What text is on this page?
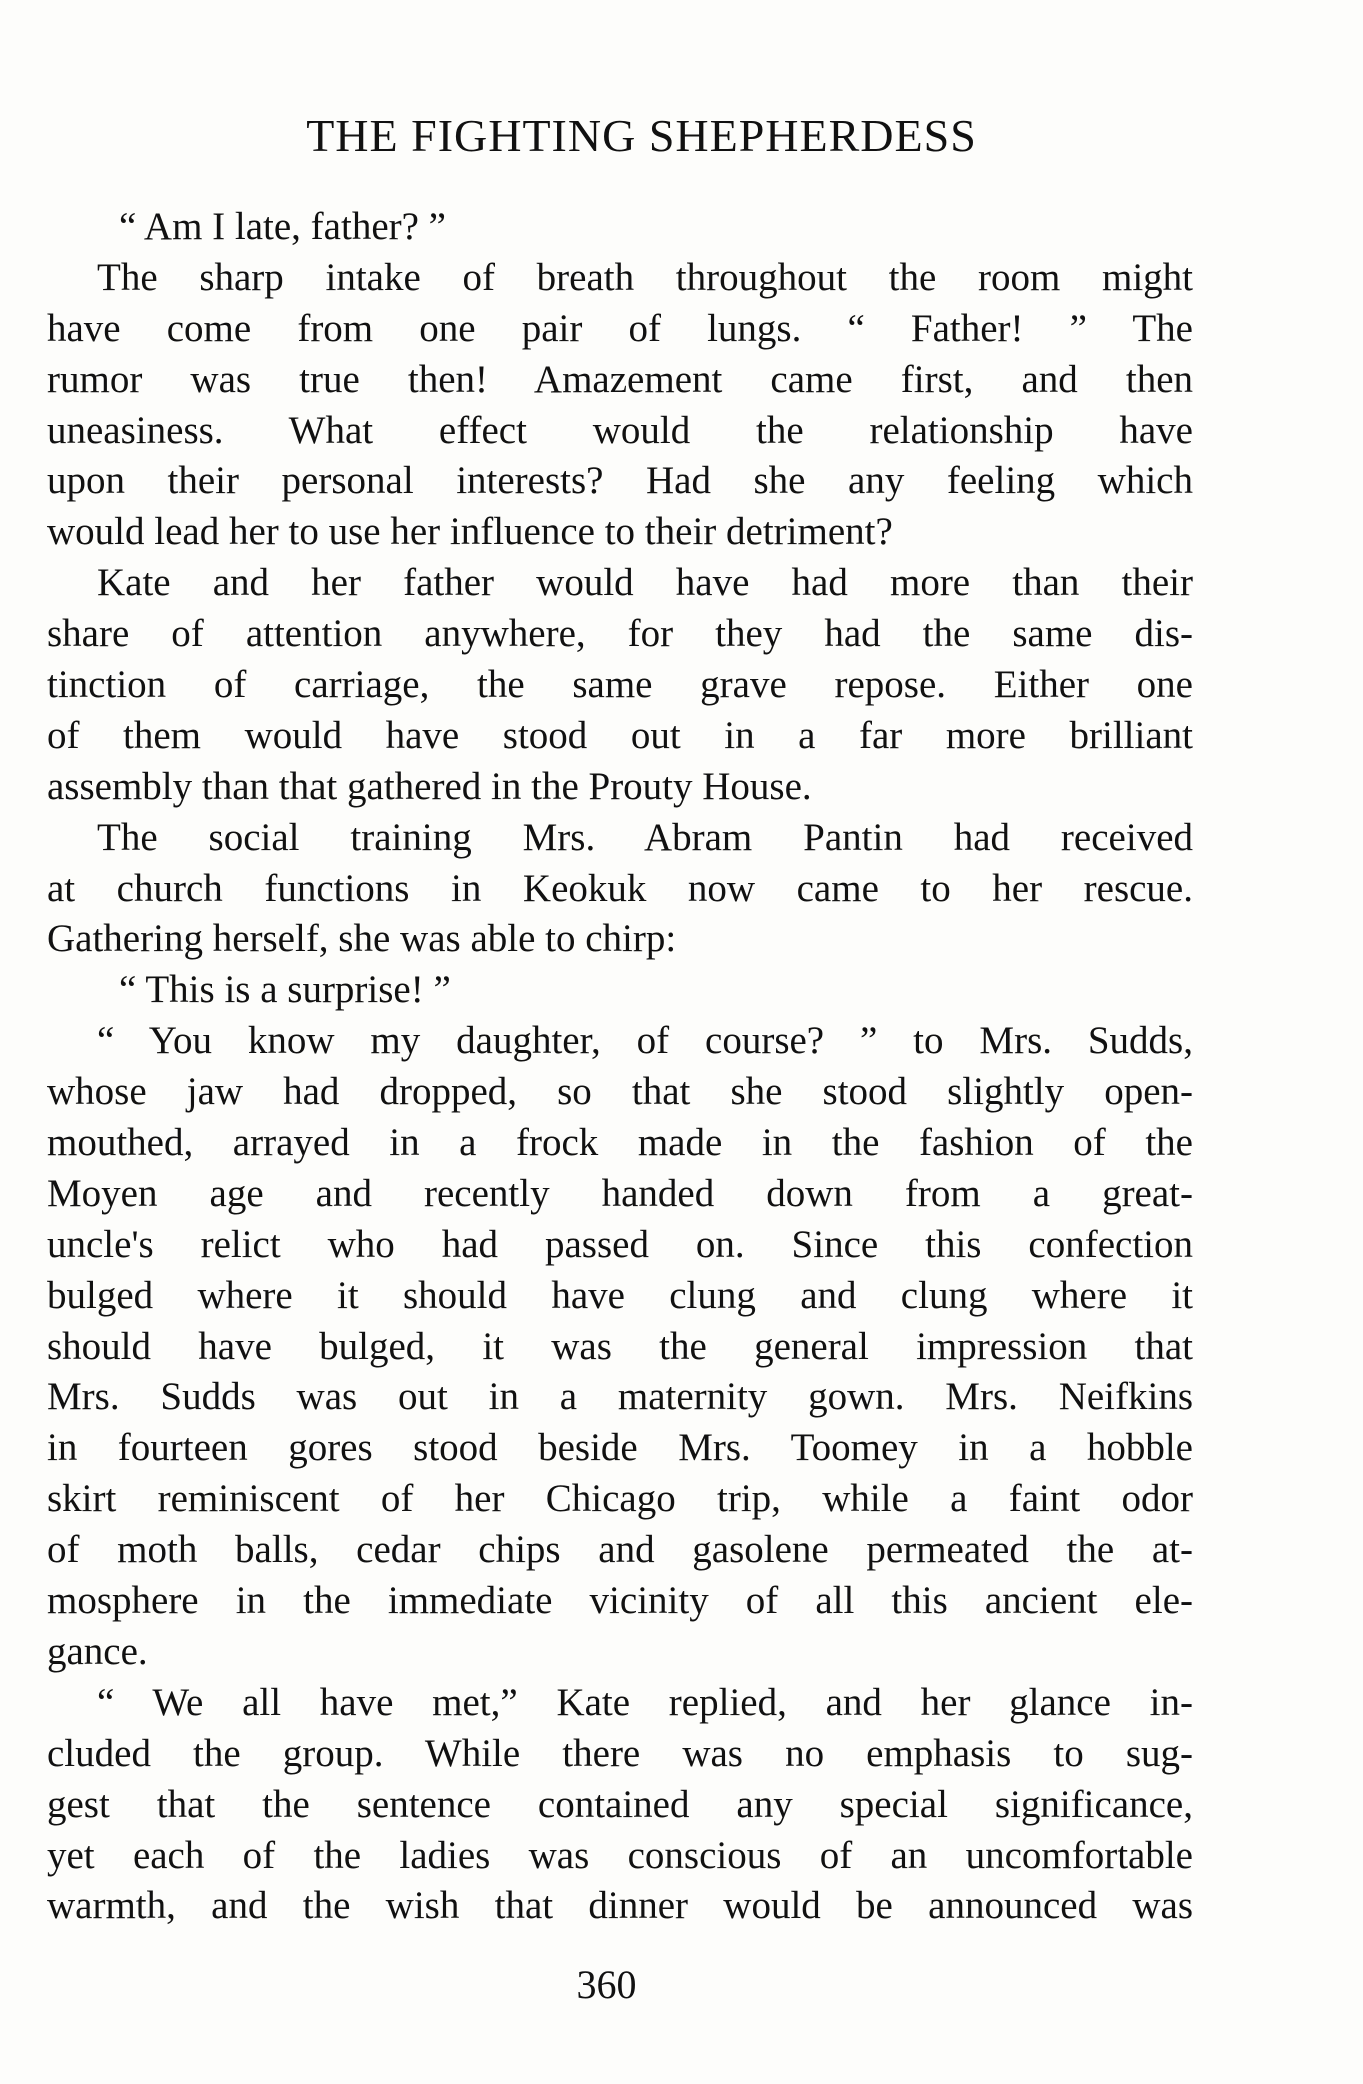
THE FIGHTING SHEPHERDESS
“ Am I late, father? ”
The sharp intake of breath throughout the room might
have come from one pair of lungs. “ Father! ” The
rumor was true then! Amazement came first, and then
uneasiness. What effect would the relationship have
upon their personal interests? Had she any feeling which
would lead her to use her influence to their detriment?
Kate and her father would have had more than their
share of attention anywhere, for they had the same dis-
tinction of carriage, the same grave repose. Either one
of them would have stood out in a far more brilliant
assembly than that gathered in the Prouty House.
The social training Mrs. Abram Pantin had received
at church functions in Keokuk now came to her rescue.
Gathering herself, she was able to chirp:
“ This is a surprise! ”
“ You know my daughter, of course? ” to Mrs. Sudds,
whose jaw had dropped, so that she stood slightly open-
mouthed, arrayed in a frock made in the fashion of the
Moyen age and recently handed down from a great-
uncle's relict who had passed on. Since this confection
bulged where it should have clung and clung where it
should have bulged, it was the general impression that
Mrs. Sudds was out in a maternity gown. Mrs. Neifkins
in fourteen gores stood beside Mrs. Toomey in a hobble
skirt reminiscent of her Chicago trip, while a faint odor
of moth balls, cedar chips and gasolene permeated the at-
mosphere in the immediate vicinity of all this ancient ele-
gance.
“ We all have met,” Kate replied, and her glance in-
cluded the group. While there was no emphasis to sug-
gest that the sentence contained any special significance,
yet each of the ladies was conscious of an uncomfortable
warmth, and the wish that dinner would be announced was
360
